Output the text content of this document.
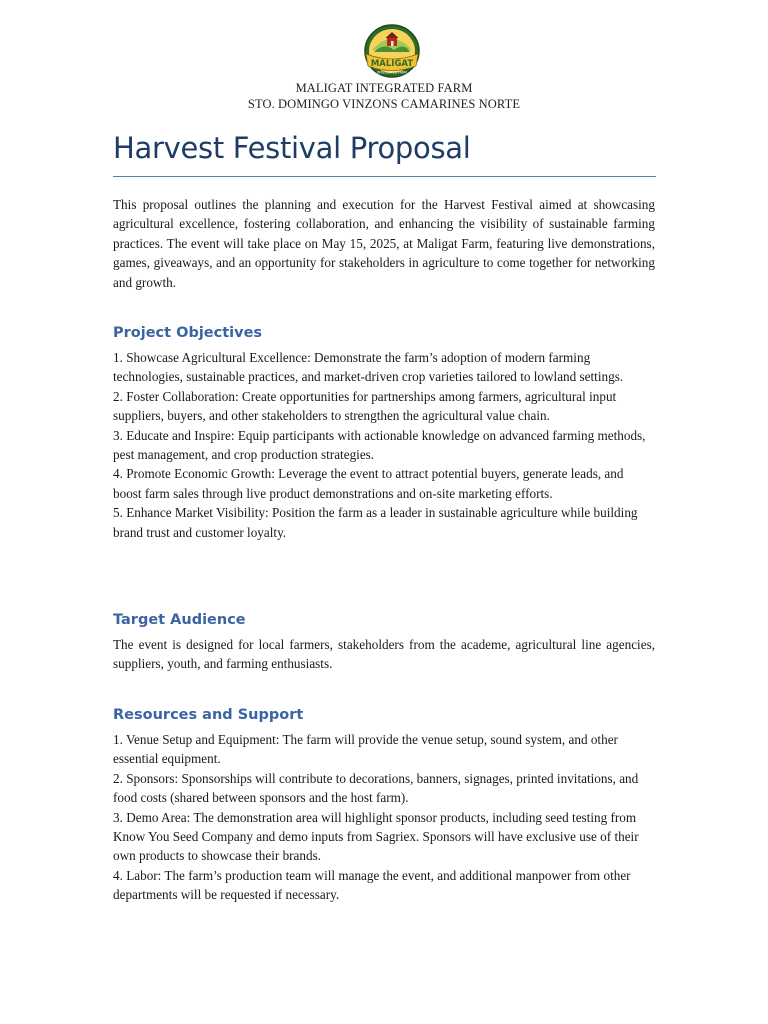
MALIGAT
INTEGRATED FARM
MALIGAT INTEGRATED FARM
STO. DOMINGO VINZONS CAMARINES NORTE
Harvest Festival Proposal

This proposal outlines the planning and execution for the Harvest Festival aimed at showcasing agricultural excellence, fostering collaboration, and enhancing the visibility of sustainable farming practices. The event will take place on May 15, 2025, at Maligat Farm, featuring live demonstrations, games, giveaways, and an opportunity for stakeholders in agriculture to come together for networking and growth.

Project Objectives

1. Showcase Agricultural Excellence: Demonstrate the farm’s adoption of modern farming technologies, sustainable practices, and market-driven crop varieties tailored to lowland settings.

2. Foster Collaboration: Create opportunities for partnerships among farmers, agricultural input suppliers, buyers, and other stakeholders to strengthen the agricultural value chain.

3. Educate and Inspire: Equip participants with actionable knowledge on advanced farming methods, pest management, and crop production strategies.

4. Promote Economic Growth: Leverage the event to attract potential buyers, generate leads, and boost farm sales through live product demonstrations and on-site marketing efforts.

5. Enhance Market Visibility: Position the farm as a leader in sustainable agriculture while building brand trust and customer loyalty.

Target Audience

The event is designed for local farmers, stakeholders from the academe, agricultural line agencies, suppliers, youth, and farming enthusiasts.

Resources and Support

1. Venue Setup and Equipment: The farm will provide the venue setup, sound system, and other essential equipment.

2. Sponsors: Sponsorships will contribute to decorations, banners, signages, printed invitations, and food costs (shared between sponsors and the host farm).

3. Demo Area: The demonstration area will highlight sponsor products, including seed testing from Know You Seed Company and demo inputs from Sagriex. Sponsors will have exclusive use of their own products to showcase their brands.

4. Labor: The farm’s production team will manage the event, and additional manpower from other departments will be requested if necessary.
